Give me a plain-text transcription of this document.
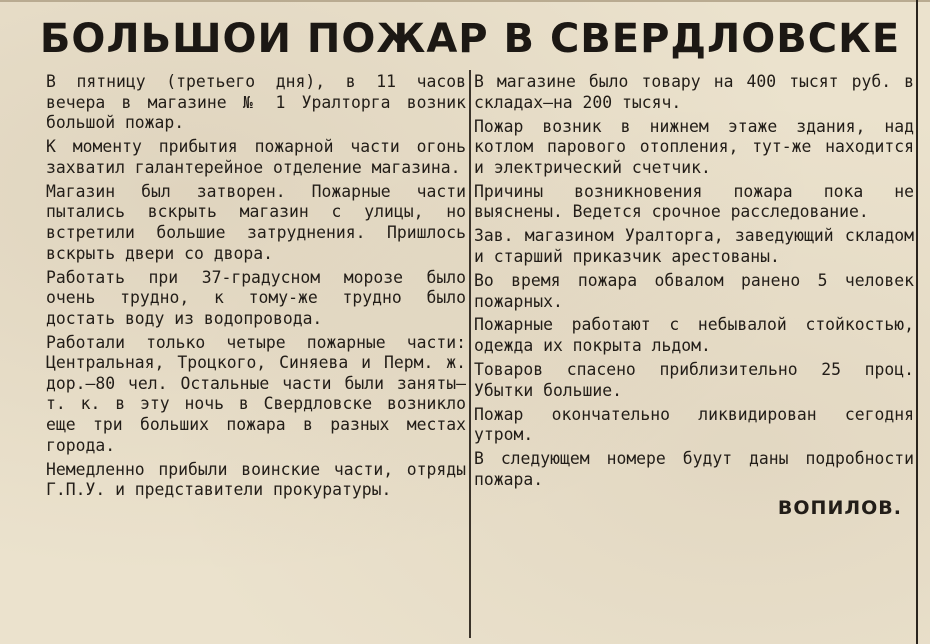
БОЛЬШОИ ПОЖАР В СВЕРДЛОВСКЕ

В пятницу (третьего дня), в 11 часов вечера в магазине № 1 Уралторга возник большой пожар.

К моменту прибытия пожарной части огонь захватил галантерейное отделение магазина.

Магазин был затворен. Пожарные части пытались вскрыть магазин с улицы, но встретили большие затруднения. Пришлось вскрыть двери со двора.

Работать при 37-градусном морозе было очень трудно, к тому-же трудно было достать воду из водопровода.

Работали только четыре пожарные части: Центральная, Троцкого, Синяева и Перм. ж. дор.—80 чел. Остальные части были заняты—т. к. в эту ночь в Свердловске возникло еще три больших пожара в разных местах города.

Немедленно прибыли воинские части, отряды Г.П.У. и представители прокуратуры.

В магазине было товару на 400 тысят руб. в складах—на 200 тысяч.

Пожар возник в нижнем этаже здания, над котлом парового отопления, тут-же находится и электрический счетчик.

Причины возникновения пожара пока не выяснены. Ведется срочное расследование.

Зав. магазином Уралторга, заведующий складом и старший приказчик арестованы.

Во время пожара обвалом ранено 5 человек пожарных.

Пожарные работают с небывалой стойкостью, одежда их покрыта льдом.

Товаров спасено приблизительно 25 проц. Убытки большие.

Пожар окончательно ликвидирован сегодня утром.

В следующем номере будут даны подробности пожара.

ВОПИЛОВ.
